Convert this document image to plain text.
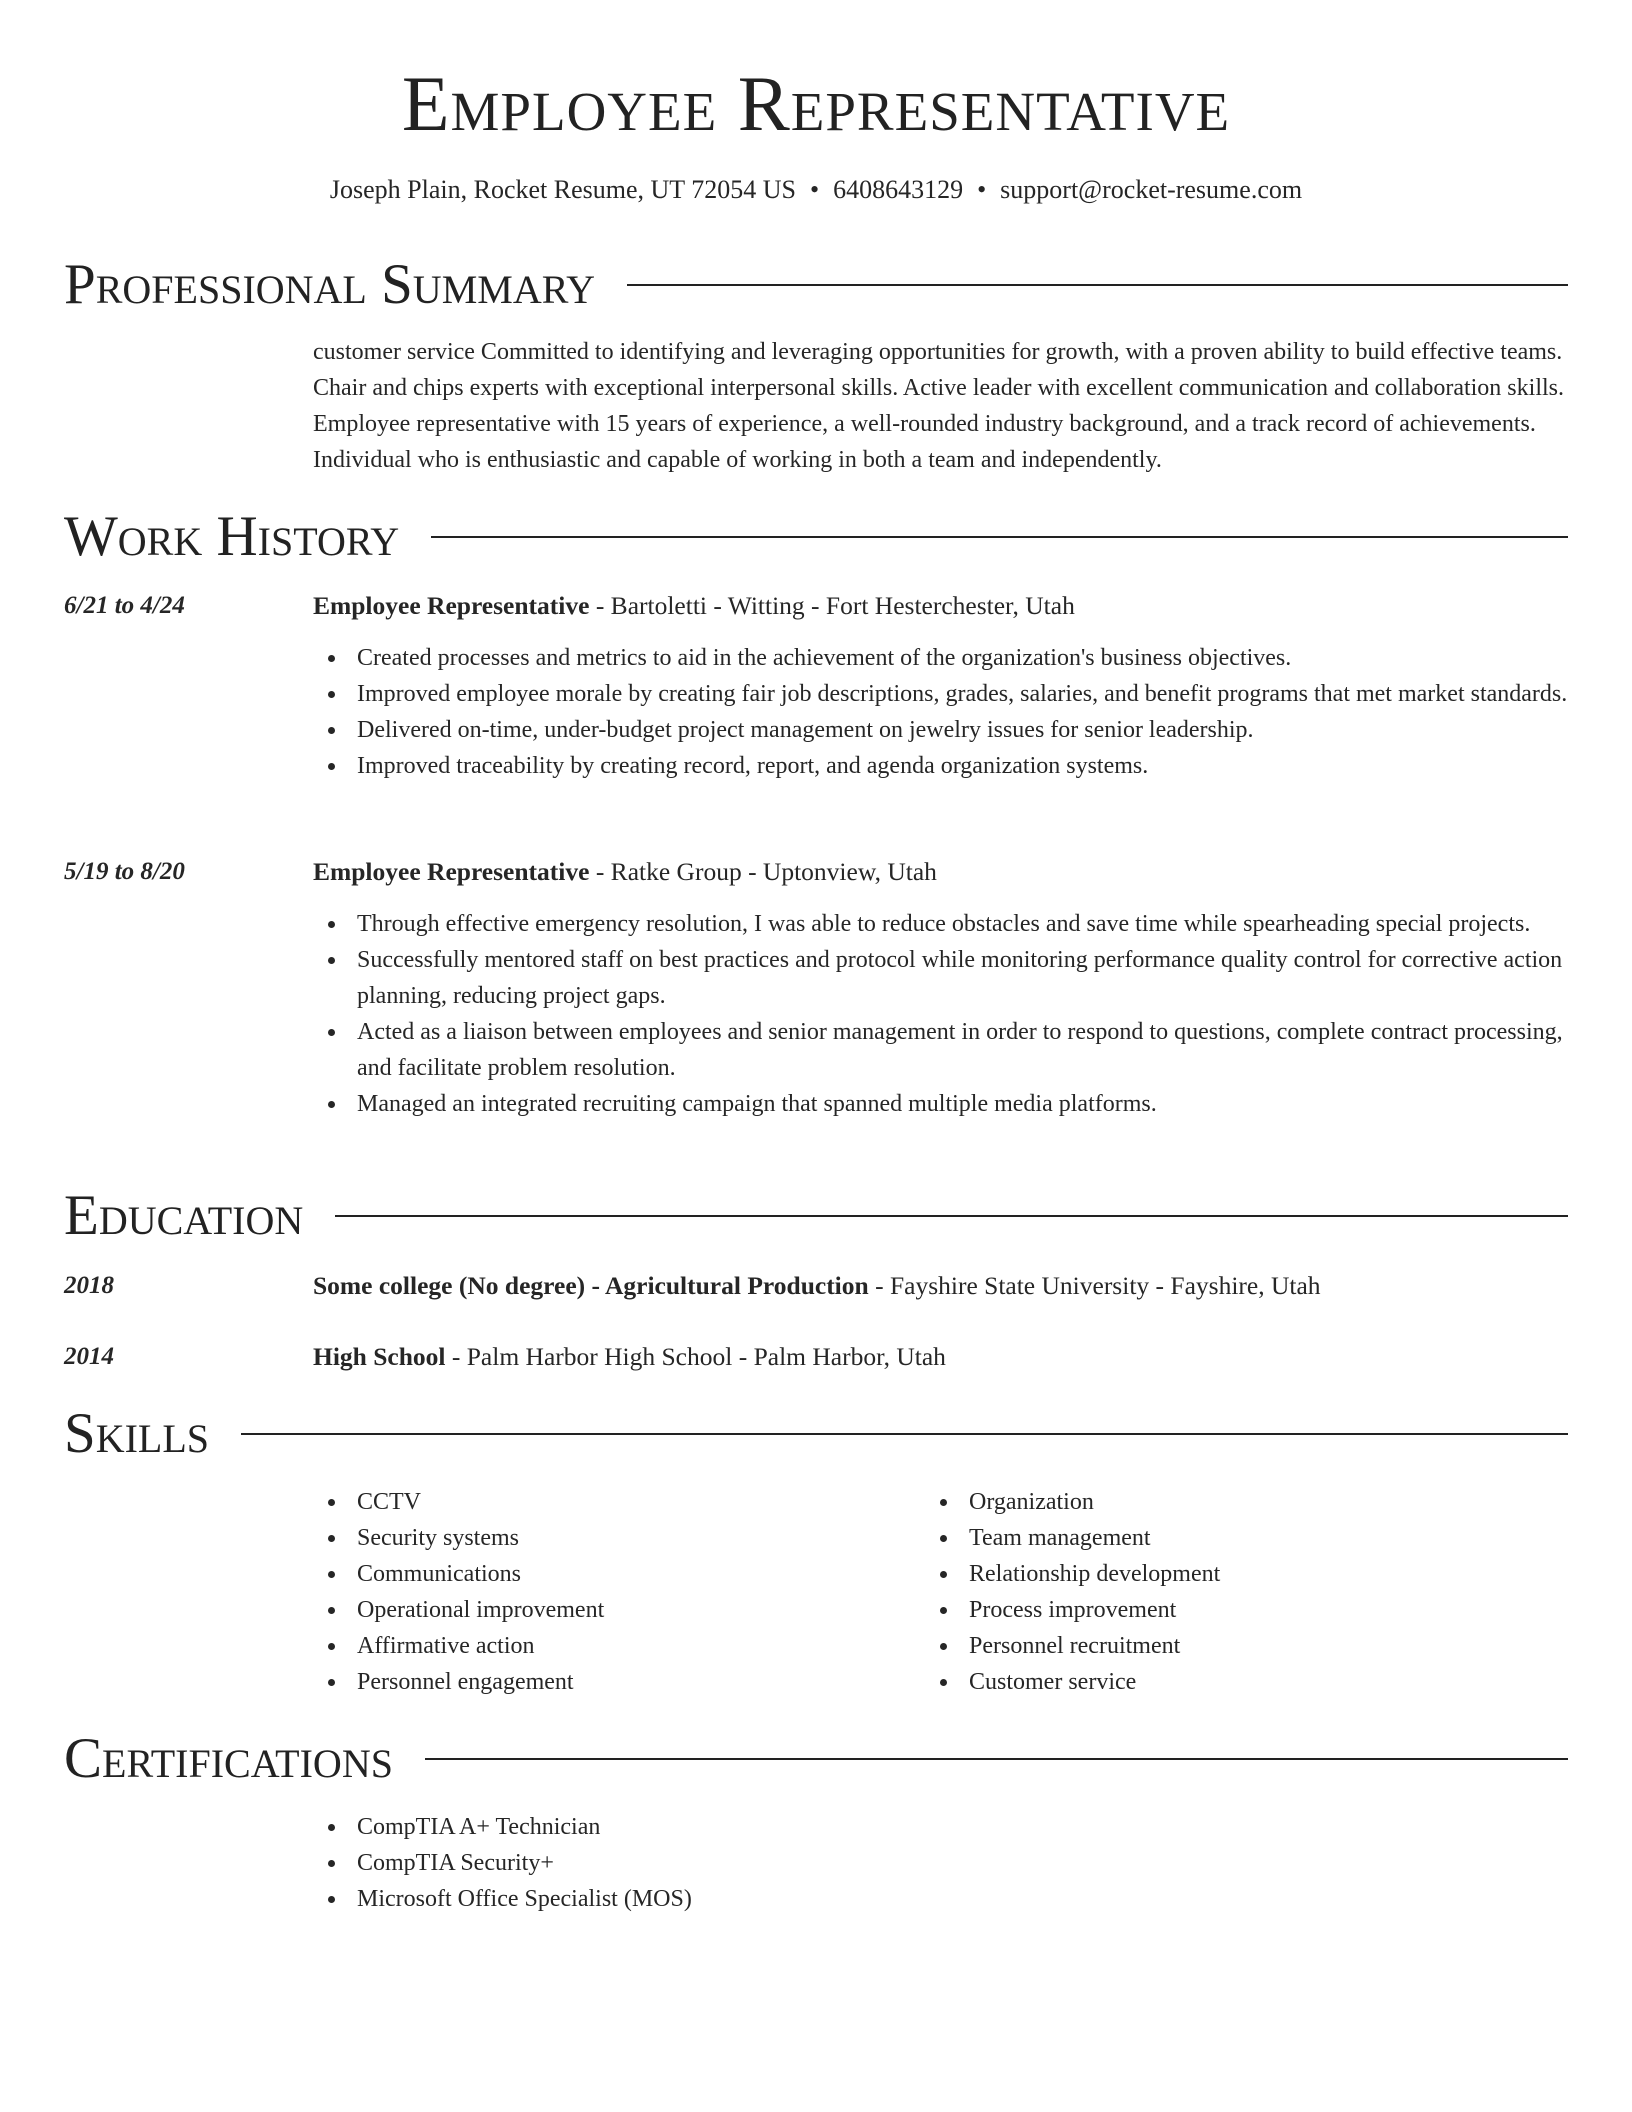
Employee Representative
Joseph Plain, Rocket Resume, UT 72054 US • 6408643129 • support@rocket-resume.com
Professional Summary

customer service Committed to identifying and leveraging opportunities for growth, with a proven ability to build effective teams. Chair and chips experts with exceptional interpersonal skills. Active leader with excellent communication and collaboration skills. Employee representative with 15 years of experience, a well-rounded industry background, and a track record of achievements. Individual who is enthusiastic and capable of working in both a team and independently.

Work History
6/21 to 4/24	Employee Representative - Bartoletti - Witting - Fort Hesterchester, Utah
Created processes and metrics to aid in the achievement of the organization's business objectives.
Improved employee morale by creating fair job descriptions, grades, salaries, and benefit programs that met market standards.
Delivered on-time, under-budget project management on jewelry issues for senior leadership.
Improved traceability by creating record, report, and agenda organization systems.
5/19 to 8/20	Employee Representative - Ratke Group - Uptonview, Utah
Through effective emergency resolution, I was able to reduce obstacles and save time while spearheading special projects.
Successfully mentored staff on best practices and protocol while monitoring performance quality control for corrective action planning, reducing project gaps.
Acted as a liaison between employees and senior management in order to respond to questions, complete contract processing, and facilitate problem resolution.
Managed an integrated recruiting campaign that spanned multiple media platforms.
Education
2018	Some college (No degree) - Agricultural Production - Fayshire State University - Fayshire, Utah
2014	High School - Palm Harbor High School - Palm Harbor, Utah
Skills
CCTV
Security systems
Communications
Operational improvement
Affirmative action
Personnel engagement
Organization
Team management
Relationship development
Process improvement
Personnel recruitment
Customer service
Certifications
CompTIA A+ Technician
CompTIA Security+
Microsoft Office Specialist (MOS)
